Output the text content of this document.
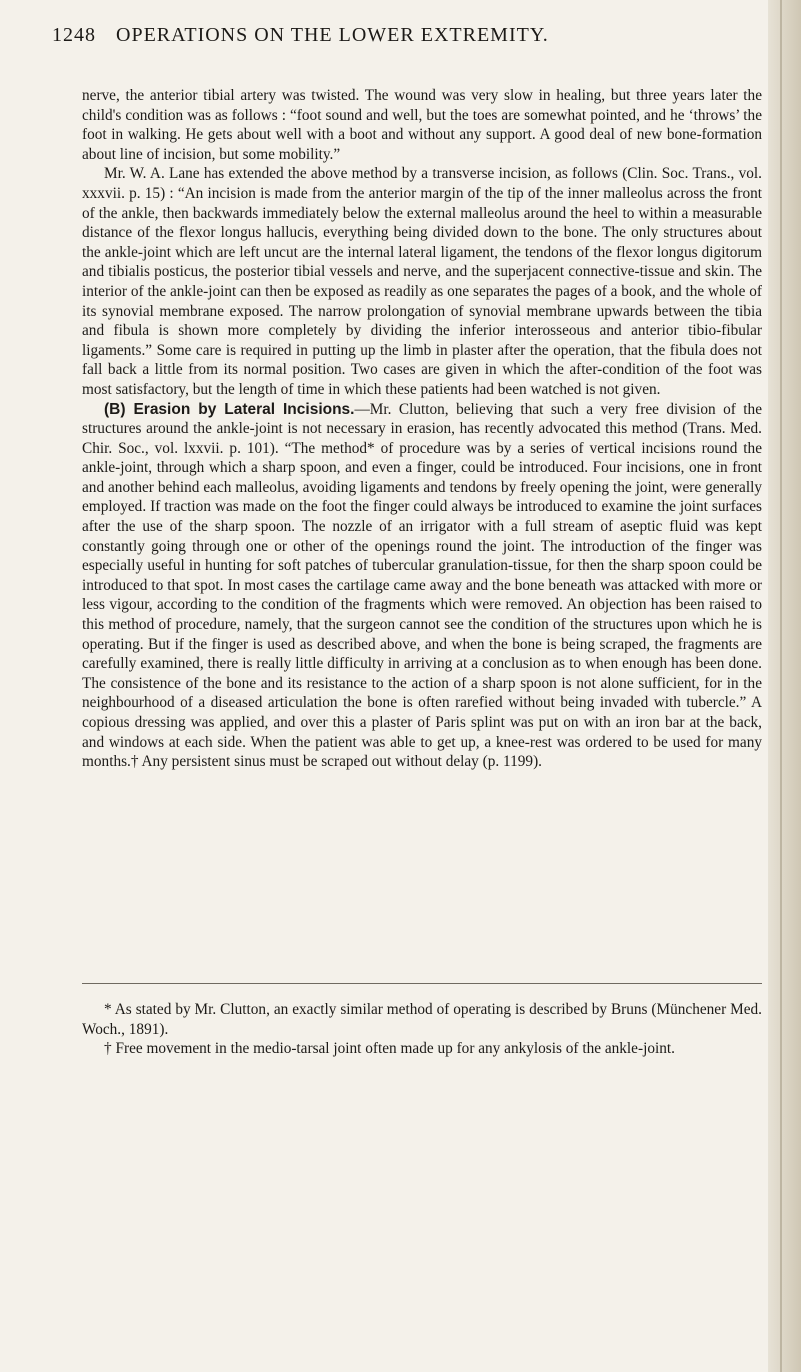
1248 OPERATIONS ON THE LOWER EXTREMITY.

nerve, the anterior tibial artery was twisted. The wound was very slow in healing, but three years later the child's condition was as follows : “foot sound and well, but the toes are somewhat pointed, and he ‘throws’ the foot in walking. He gets about well with a boot and without any support. A good deal of new bone-formation about line of incision, but some mobility.”

Mr. W. A. Lane has extended the above method by a transverse incision, as follows (Clin. Soc. Trans., vol. xxxvii. p. 15) : “An incision is made from the anterior margin of the tip of the inner malleolus across the front of the ankle, then backwards immediately below the external malleolus around the heel to within a measurable distance of the flexor longus hallucis, everything being divided down to the bone. The only structures about the ankle-joint which are left uncut are the internal lateral ligament, the tendons of the flexor longus digitorum and tibialis posticus, the posterior tibial vessels and nerve, and the superjacent connective-tissue and skin. The interior of the ankle-joint can then be exposed as readily as one separates the pages of a book, and the whole of its synovial membrane exposed. The narrow prolongation of synovial membrane upwards between the tibia and fibula is shown more completely by dividing the inferior interosseous and anterior tibio-fibular ligaments.” Some care is required in putting up the limb in plaster after the operation, that the fibula does not fall back a little from its normal position. Two cases are given in which the after-condition of the foot was most satisfactory, but the length of time in which these patients had been watched is not given.

(B) Erasion by Lateral Incisions.—Mr. Clutton, believing that such a very free division of the structures around the ankle-joint is not necessary in erasion, has recently advocated this method (Trans. Med. Chir. Soc., vol. lxxvii. p. 101). “The method* of procedure was by a series of vertical incisions round the ankle-joint, through which a sharp spoon, and even a finger, could be introduced. Four incisions, one in front and another behind each malleolus, avoiding ligaments and tendons by freely opening the joint, were generally employed. If traction was made on the foot the finger could always be introduced to examine the joint surfaces after the use of the sharp spoon. The nozzle of an irrigator with a full stream of aseptic fluid was kept constantly going through one or other of the openings round the joint. The introduction of the finger was especially useful in hunting for soft patches of tubercular granulation-tissue, for then the sharp spoon could be introduced to that spot. In most cases the cartilage came away and the bone beneath was attacked with more or less vigour, according to the condition of the fragments which were removed. An objection has been raised to this method of procedure, namely, that the surgeon cannot see the condition of the structures upon which he is operating. But if the finger is used as described above, and when the bone is being scraped, the fragments are carefully examined, there is really little difficulty in arriving at a conclusion as to when enough has been done. The consistence of the bone and its resistance to the action of a sharp spoon is not alone sufficient, for in the neighbourhood of a diseased articulation the bone is often rarefied without being invaded with tubercle.” A copious dressing was applied, and over this a plaster of Paris splint was put on with an iron bar at the back, and windows at each side. When the patient was able to get up, a knee-rest was ordered to be used for many months.† Any persistent sinus must be scraped out without delay (p. 1199).

* As stated by Mr. Clutton, an exactly similar method of operating is described by Bruns (Münchener Med. Woch., 1891).

† Free movement in the medio-tarsal joint often made up for any ankylosis of the ankle-joint.
